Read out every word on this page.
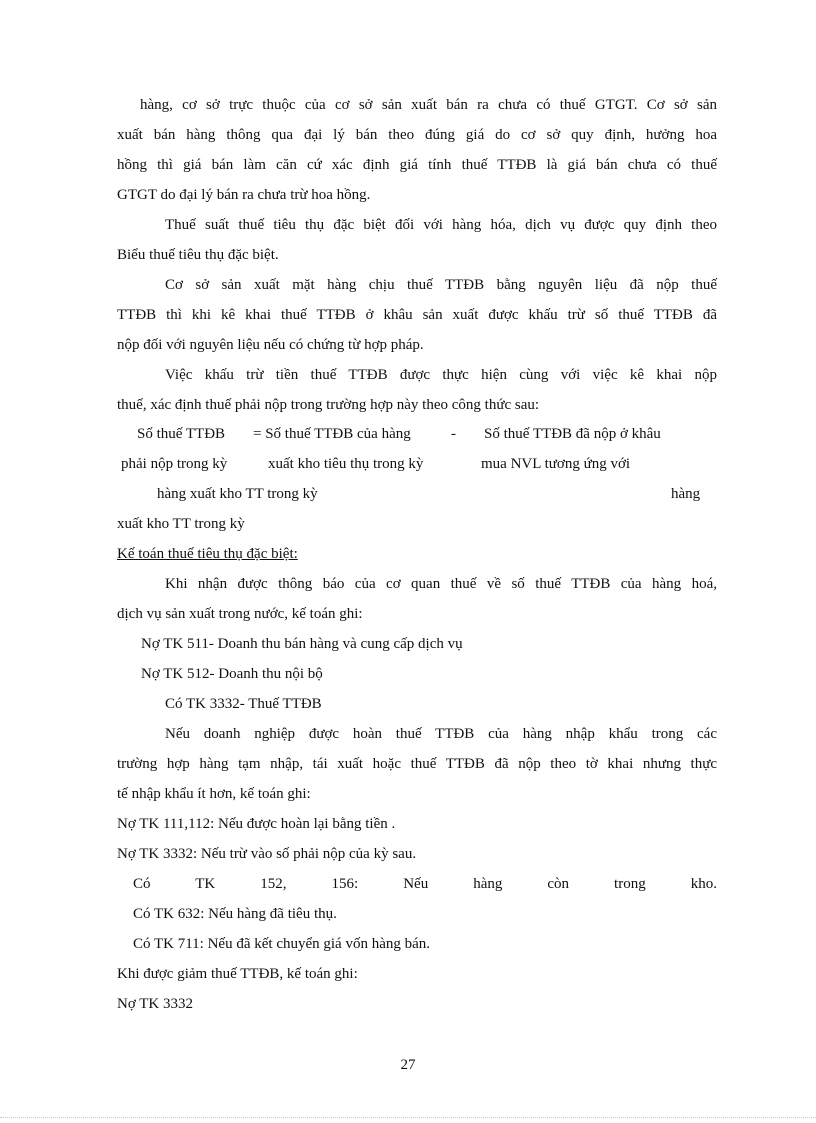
hàng, cơ sở trực thuộc của cơ sở sản xuất bán ra chưa có thuế GTGT. Cơ sở sản
xuất bán hàng thông qua đại lý bán theo đúng giá do cơ sở quy định, hưởng hoa
hồng thì giá bán làm căn cứ xác định giá tính thuế TTĐB là giá bán chưa có thuế
GTGT do đại lý bán ra chưa trừ hoa hồng.
Thuế suất thuế tiêu thụ đặc biệt đối với hàng hóa, dịch vụ được quy định theo
Biểu thuế tiêu thụ đặc biệt.
Cơ sở sản xuất mặt hàng chịu thuế TTĐB bằng nguyên liệu đã nộp thuế
TTĐB thì khi kê khai thuế TTĐB ở khâu sản xuất được khấu trừ số thuế TTĐB đã
nộp đối với nguyên liệu nếu có chứng từ hợp pháp.
Việc khấu trừ tiền thuế TTĐB được thực hiện cùng với việc kê khai nộp
thuế, xác định thuế phải nộp trong trường hợp này theo công thức sau:
Số thuế TTĐB = Số thuế TTĐB của hàng	- Số thuế TTĐB đã nộp ở khâu
phải nộp trong kỳ	xuất kho tiêu thụ trong kỳ	mua NVL tương ứng với
hàng xuất kho TT trong kỳ	hàng
xuất kho TT trong kỳ
Kế toán thuế tiêu thụ đặc biệt:
Khi nhận được thông báo của cơ quan thuế về số thuế TTĐB của hàng hoá,
dịch vụ sản xuất trong nước, kế toán ghi:
Nợ TK 511- Doanh thu bán hàng và cung cấp dịch vụ
Nợ TK 512- Doanh thu nội bộ
Có TK 3332- Thuế TTĐB
Nếu doanh nghiệp được hoàn thuế TTĐB của hàng nhập khẩu trong các
trường hợp hàng tạm nhập, tái xuất hoặc thuế TTĐB đã nộp theo tờ khai nhưng thực
tế nhập khẩu ít hơn, kế toán ghi:
Nợ TK 111,112: Nếu được hoàn lại bằng tiền .
Nợ TK 3332: Nếu trừ vào số phải nộp của kỳ sau.
Có TK 152, 156: Nếu hàng còn trong kho.
Có TK 632: Nếu hàng đã tiêu thụ.
Có TK 711: Nếu đã kết chuyển giá vốn hàng bán.
Khi được giảm thuế TTĐB, kế toán ghi:
Nợ TK 3332
27
